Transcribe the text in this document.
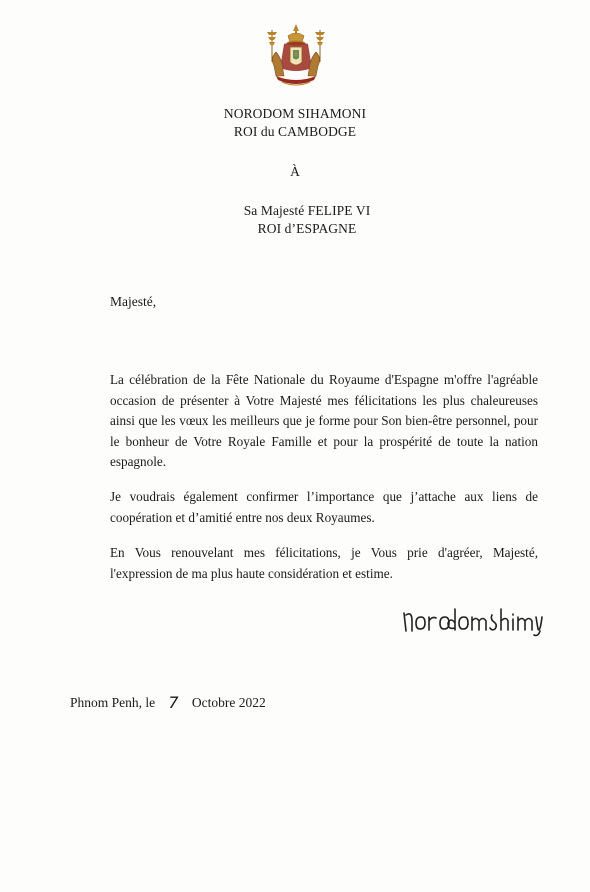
NORODOM SIHAMONI
ROI du CAMBODGE
À
Sa Majesté FELIPE VI
ROI d’ESPAGNE
Majesté,

La célébration de la Fête Nationale du Royaume d'Espagne m'offre l'agréable occasion de présenter à Votre Majesté mes félicitations les plus chaleureuses ainsi que les vœux les meilleurs que je forme pour Son bien-être personnel, pour le bonheur de Votre Royale Famille et pour la prospérité de toute la nation espagnole.

Je voudrais également confirmer l’importance que j’attache aux liens de coopération et d’amitié entre nos deux Royaumes.

En Vous renouvelant mes félicitations, je Vous prie d'agréer, Majesté, l'expression de ma plus haute considération et estime.

Phnom Penh, le 7 Octobre 2022
